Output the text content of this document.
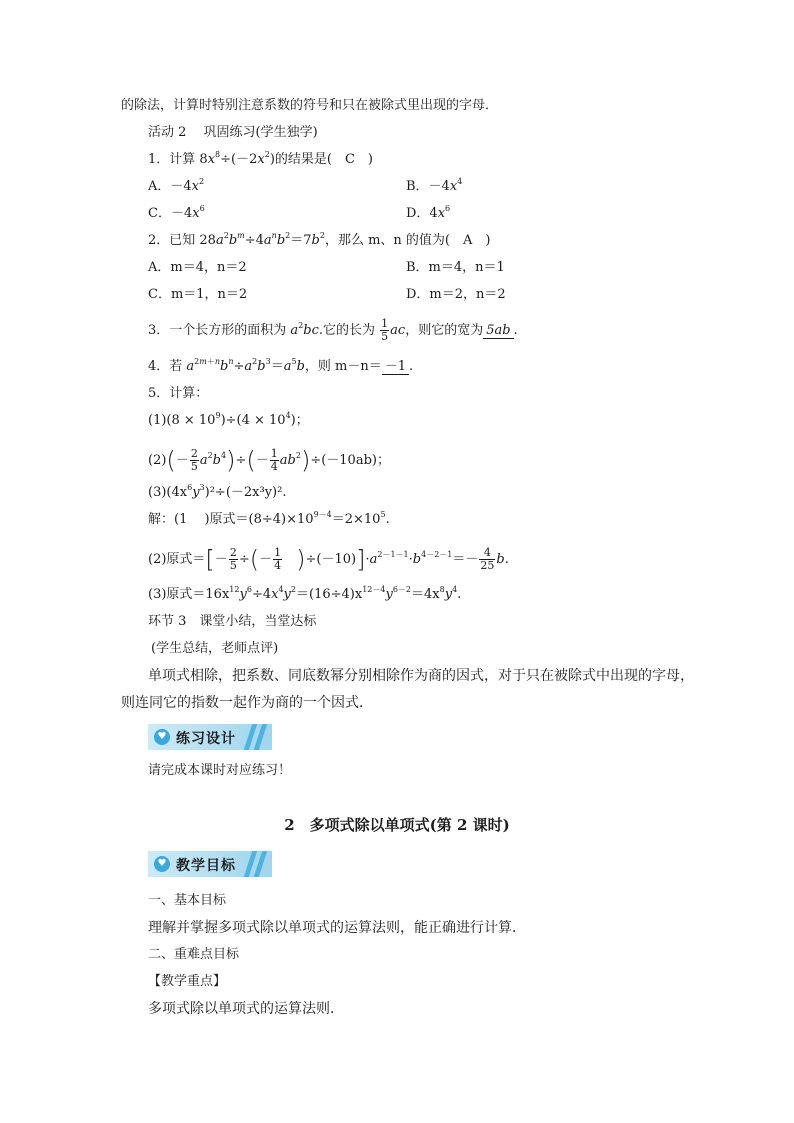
的除法，计算时特别注意系数的符号和只在被除式里出现的字母．
活动 2　 巩固练习(学生独学)
1．计算 $8x^8\div(-2x^2)$的结果是(　C　)
A．$-4x^2$	B．$-4x^4$
C．$-4x^6$	D．$4x^6$
2．已知 $28a^2b^m\div 4a^nb^2=7b^2$，那么 m、n 的值为(　A　)
A．m＝4，n＝2	B．m＝4，n＝1
C．m＝1，n＝2	D．m＝2，n＝2
3．一个长方形的面积为 $a^2bc$.它的长为 $\frac{1}{5}$ ac，则它的宽为 5ab .
4．若 $a^{2m+n}b^n\div a^2b^3=a^5b$，则 m－n＝ －1 .
5．计算：
$(1)(8 \times 10^9)\div(4 \times 10^4)$；
$(2)(- \frac{2}{5} a^2b^4)\div(- \frac{1}{4} ab^2)\div(-10ab)$；
$(3)(4x^6y^3)^2\div(-2x^3y)^2$.
解：(1　 )原式$=(8\div 4)\times 10^{9-4}=2\times 10^5$.
(2)原式＝[－ $\frac{2}{5}$ ÷(－ $\frac{1}{4}$
　 )$\div(-10)]\cdot a^{2-1-1}\cdot b^{4-2-1}=- \frac{4}{25} b$.
(3)原式$=16x^{12}y^6\div 4x^4y^2=(16\div 4)x^{12-4}y^{6-2}=4x^8y^4$.
环节 3　课堂小结，当堂达标
(学生总结，老师点评)
单项式相除，把系数、同底数幂分别相除作为商的因式，对于只在被除式中出现的字母，
则连同它的指数一起作为商的一个因式．
♥ 练习设计
请完成本课时对应练习！
2　多项式除以单项式(第 2 课时)
♥ 教学目标
一、基本目标
理解并掌握多项式除以单项式的运算法则，能正确进行计算．
二、重难点目标
【教学重点】
多项式除以单项式的运算法则．
